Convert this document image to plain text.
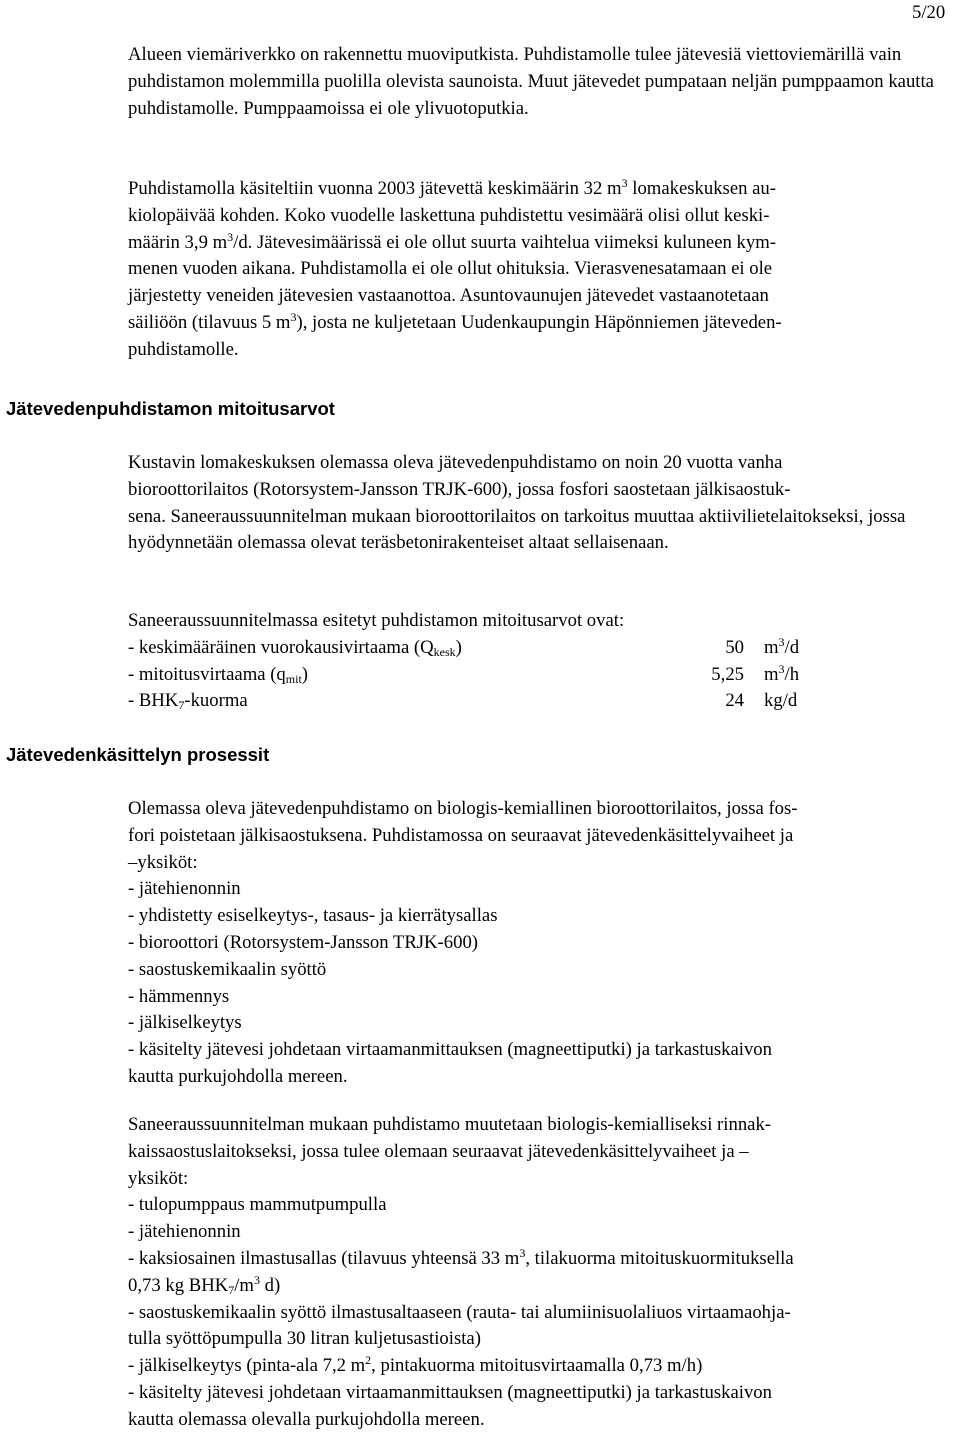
5/20

Alueen viemäriverkko on rakennettu muoviputkista. Puhdistamolle tulee jätevesiä viettoviemärillä vain puhdistamon molemmilla puolilla olevista saunoista. Muut jätevedet pumpataan neljän pumppaamon kautta puhdistamolle. Pumppaamoissa ei ole ylivuotoputkia.

Puhdistamolla käsiteltiin vuonna 2003 jätevettä keskimäärin 32 $m^3$ lomakeskuksen au-
kiolopäivää kohden. Koko vuodelle laskettuna puhdistettu vesimäärä olisi ollut keski-
määrin 3,9 $m^3/d$. Jätevesimäärissä ei ole ollut suurta vaihtelua viimeksi kuluneen kym-
menen vuoden aikana. Puhdistamolla ei ole ollut ohituksia. Vierasvenesatamaan ei ole
järjestetty veneiden jätevesien vastaanottoa. Asuntovaunujen jätevedet vastaanotetaan
säiliöön (tilavuus 5 $m^3$), josta ne kuljetetaan Uudenkaupungin Häpönniemen jäteveden-
puhdistamolle.
Jätevedenpuhdistamon mitoitusarvot
Kustavin lomakeskuksen olemassa oleva jätevedenpuhdistamo on noin 20 vuotta vanha
bioroottorilaitos (Rotorsystem-Jansson TRJK-600), jossa fosfori saostetaan jälkisaostuk-
sena. Saneeraussuunnitelman mukaan bioroottorilaitos on tarkoitus muuttaa aktiivilietelaitokseksi, jossa hyödynnetään olemassa olevat teräsbetonirakenteiset altaat sellaisenaan.
Saneeraussuunnitelmassa esitetyt puhdistamon mitoitusarvot ovat:
- keskimääräinen vuorokausivirtaama $(Q_{kesk})$	50 $m^3/d$
- mitoitusvirtaama $(q_{mit})$	5,25 $m^3/h$
- $BHK_7$-kuorma	24 kg/d
Jätevedenkäsittelyn prosessit
Olemassa oleva jätevedenpuhdistamo on biologis-kemiallinen bioroottorilaitos, jossa fos-
fori poistetaan jälkisaostuksena. Puhdistamossa on seuraavat jätevedenkäsittelyvaiheet ja
–yksiköt:
- jätehienonnin
- yhdistetty esiselkeytys-, tasaus- ja kierrätysallas
- bioroottori (Rotorsystem-Jansson TRJK-600)
- saostuskemikaalin syöttö
- hämmennys
- jälkiselkeytys
- käsitelty jätevesi johdetaan virtaamanmittauksen (magneettiputki) ja tarkastuskaivon
kautta purkujohdolla mereen.
Saneeraussuunnitelman mukaan puhdistamo muutetaan biologis-kemialliseksi rinnak-
kaissaostuslaitokseksi, jossa tulee olemaan seuraavat jätevedenkäsittelyvaiheet ja –
yksiköt:
- tulopumppaus mammutpumpulla
- jätehienonnin
- kaksiosainen ilmastusallas (tilavuus yhteensä 33 $m^3$, tilakuorma mitoituskuormituksella
0,73 kg $BHK_7/m^3$ d)
- saostuskemikaalin syöttö ilmastusaltaaseen (rauta- tai alumiinisuolaliuos virtaamaohja-
tulla syöttöpumpulla 30 litran kuljetusastioista)
- jälkiselkeytys (pinta-ala 7,2 $m^2$, pintakuorma mitoitusvirtaamalla 0,73 m/h)
- käsitelty jätevesi johdetaan virtaamanmittauksen (magneettiputki) ja tarkastuskaivon
kautta olemassa olevalla purkujohdolla mereen.
